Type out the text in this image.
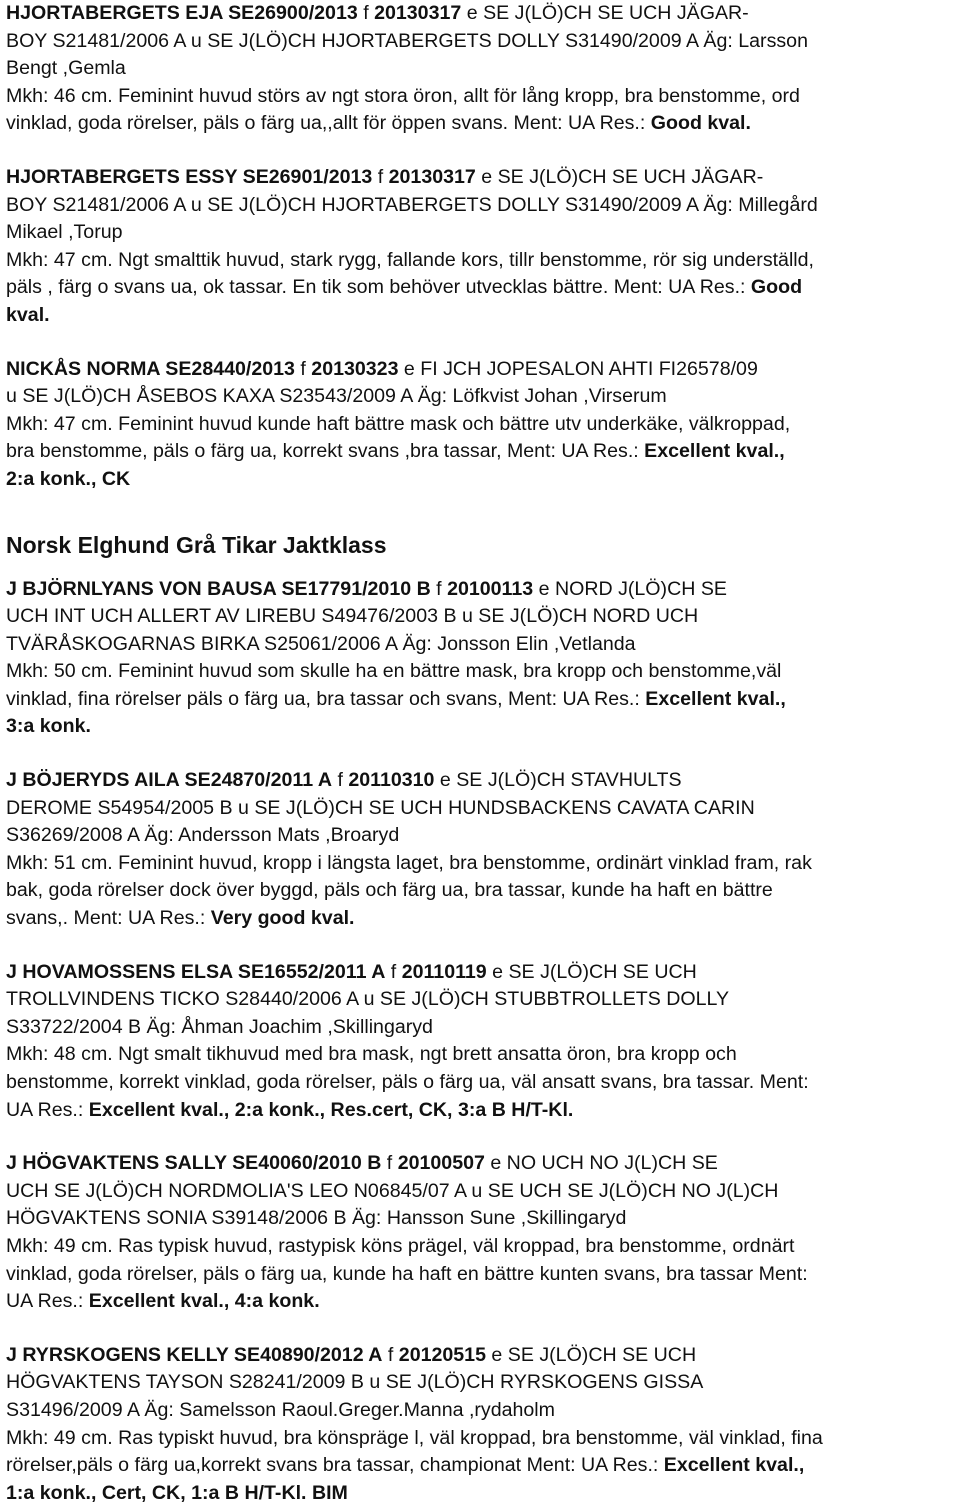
HJORTABERGETS EJA SE26900/2013 f 20130317 e SE J(LÖ)CH SE UCH JÄGAR-
BOY S21481/2006 A u SE J(LÖ)CH HJORTABERGETS DOLLY S31490/2009 A Äg: Larsson
Bengt ,Gemla
Mkh: 46 cm. Feminint huvud störs av ngt stora öron, allt för lång kropp, bra benstomme, ord
vinklad, goda rörelser, päls o färg ua,,allt för öppen svans. Ment: UA Res.: Good kval.
HJORTABERGETS ESSY SE26901/2013 f 20130317 e SE J(LÖ)CH SE UCH JÄGAR-
BOY S21481/2006 A u SE J(LÖ)CH HJORTABERGETS DOLLY S31490/2009 A Äg: Millegård
Mikael ,Torup
Mkh: 47 cm. Ngt smalttik huvud, stark rygg, fallande kors, tillr benstomme, rör sig underställd,
päls , färg o svans ua, ok tassar. En tik som behöver utvecklas bättre. Ment: UA Res.: Good
kval.
NICKÅS NORMA SE28440/2013 f 20130323 e FI JCH JOPESALON AHTI FI26578/09
u SE J(LÖ)CH ÅSEBOS KAXA S23543/2009 A Äg: Löfkvist Johan ,Virserum
Mkh: 47 cm. Feminint huvud kunde haft bättre mask och bättre utv underkäke, välkroppad,
bra benstomme, päls o färg ua, korrekt svans ,bra tassar, Ment: UA Res.: Excellent kval.,
2:a konk., CK
Norsk Elghund Grå Tikar Jaktklass
J BJÖRNLYANS VON BAUSA SE17791/2010 B f 20100113 e NORD J(LÖ)CH SE
UCH INT UCH ALLERT AV LIREBU S49476/2003 B u SE J(LÖ)CH NORD UCH
TVÄRÅSKOGARNAS BIRKA S25061/2006 A Äg: Jonsson Elin ,Vetlanda
Mkh: 50 cm. Feminint huvud som skulle ha en bättre mask, bra kropp och benstomme,väl
vinklad, fina rörelser päls o färg ua, bra tassar och svans, Ment: UA Res.: Excellent kval.,
3:a konk.
J BÖJERYDS AILA SE24870/2011 A f 20110310 e SE J(LÖ)CH STAVHULTS
DEROME S54954/2005 B u SE J(LÖ)CH SE UCH HUNDSBACKENS CAVATA CARIN
S36269/2008 A Äg: Andersson Mats ,Broaryd
Mkh: 51 cm. Feminint huvud, kropp i längsta laget, bra benstomme, ordinärt vinklad fram, rak
bak, goda rörelser dock över byggd, päls och färg ua, bra tassar, kunde ha haft en bättre
svans,. Ment: UA Res.: Very good kval.
J HOVAMOSSENS ELSA SE16552/2011 A f 20110119 e SE J(LÖ)CH SE UCH
TROLLVINDENS TICKO S28440/2006 A u SE J(LÖ)CH STUBBTROLLETS DOLLY
S33722/2004 B Äg: Åhman Joachim ,Skillingaryd
Mkh: 48 cm. Ngt smalt tikhuvud med bra mask, ngt brett ansatta öron, bra kropp och
benstomme, korrekt vinklad, goda rörelser, päls o färg ua, väl ansatt svans, bra tassar. Ment:
UA Res.: Excellent kval., 2:a konk., Res.cert, CK, 3:a B H/T-Kl.
J HÖGVAKTENS SALLY SE40060/2010 B f 20100507 e NO UCH NO J(L)CH SE
UCH SE J(LÖ)CH NORDMOLIA'S LEO N06845/07 A u SE UCH SE J(LÖ)CH NO J(L)CH
HÖGVAKTENS SONIA S39148/2006 B Äg: Hansson Sune ,Skillingaryd
Mkh: 49 cm. Ras typisk huvud, rastypisk köns prägel, väl kroppad, bra benstomme, ordnärt
vinklad, goda rörelser, päls o färg ua, kunde ha haft en bättre kunten svans, bra tassar Ment:
UA Res.: Excellent kval., 4:a konk.
J RYRSKOGENS KELLY SE40890/2012 A f 20120515 e SE J(LÖ)CH SE UCH
HÖGVAKTENS TAYSON S28241/2009 B u SE J(LÖ)CH RYRSKOGENS GISSA
S31496/2009 A Äg: Samelsson Raoul.Greger.Manna ,rydaholm
Mkh: 49 cm. Ras typiskt huvud, bra könspräge l, väl kroppad, bra benstomme, väl vinklad, fina
rörelser,päls o färg ua,korrekt svans bra tassar, championat Ment: UA Res.: Excellent kval.,
1:a konk., Cert, CK, 1:a B H/T-Kl. BIM
